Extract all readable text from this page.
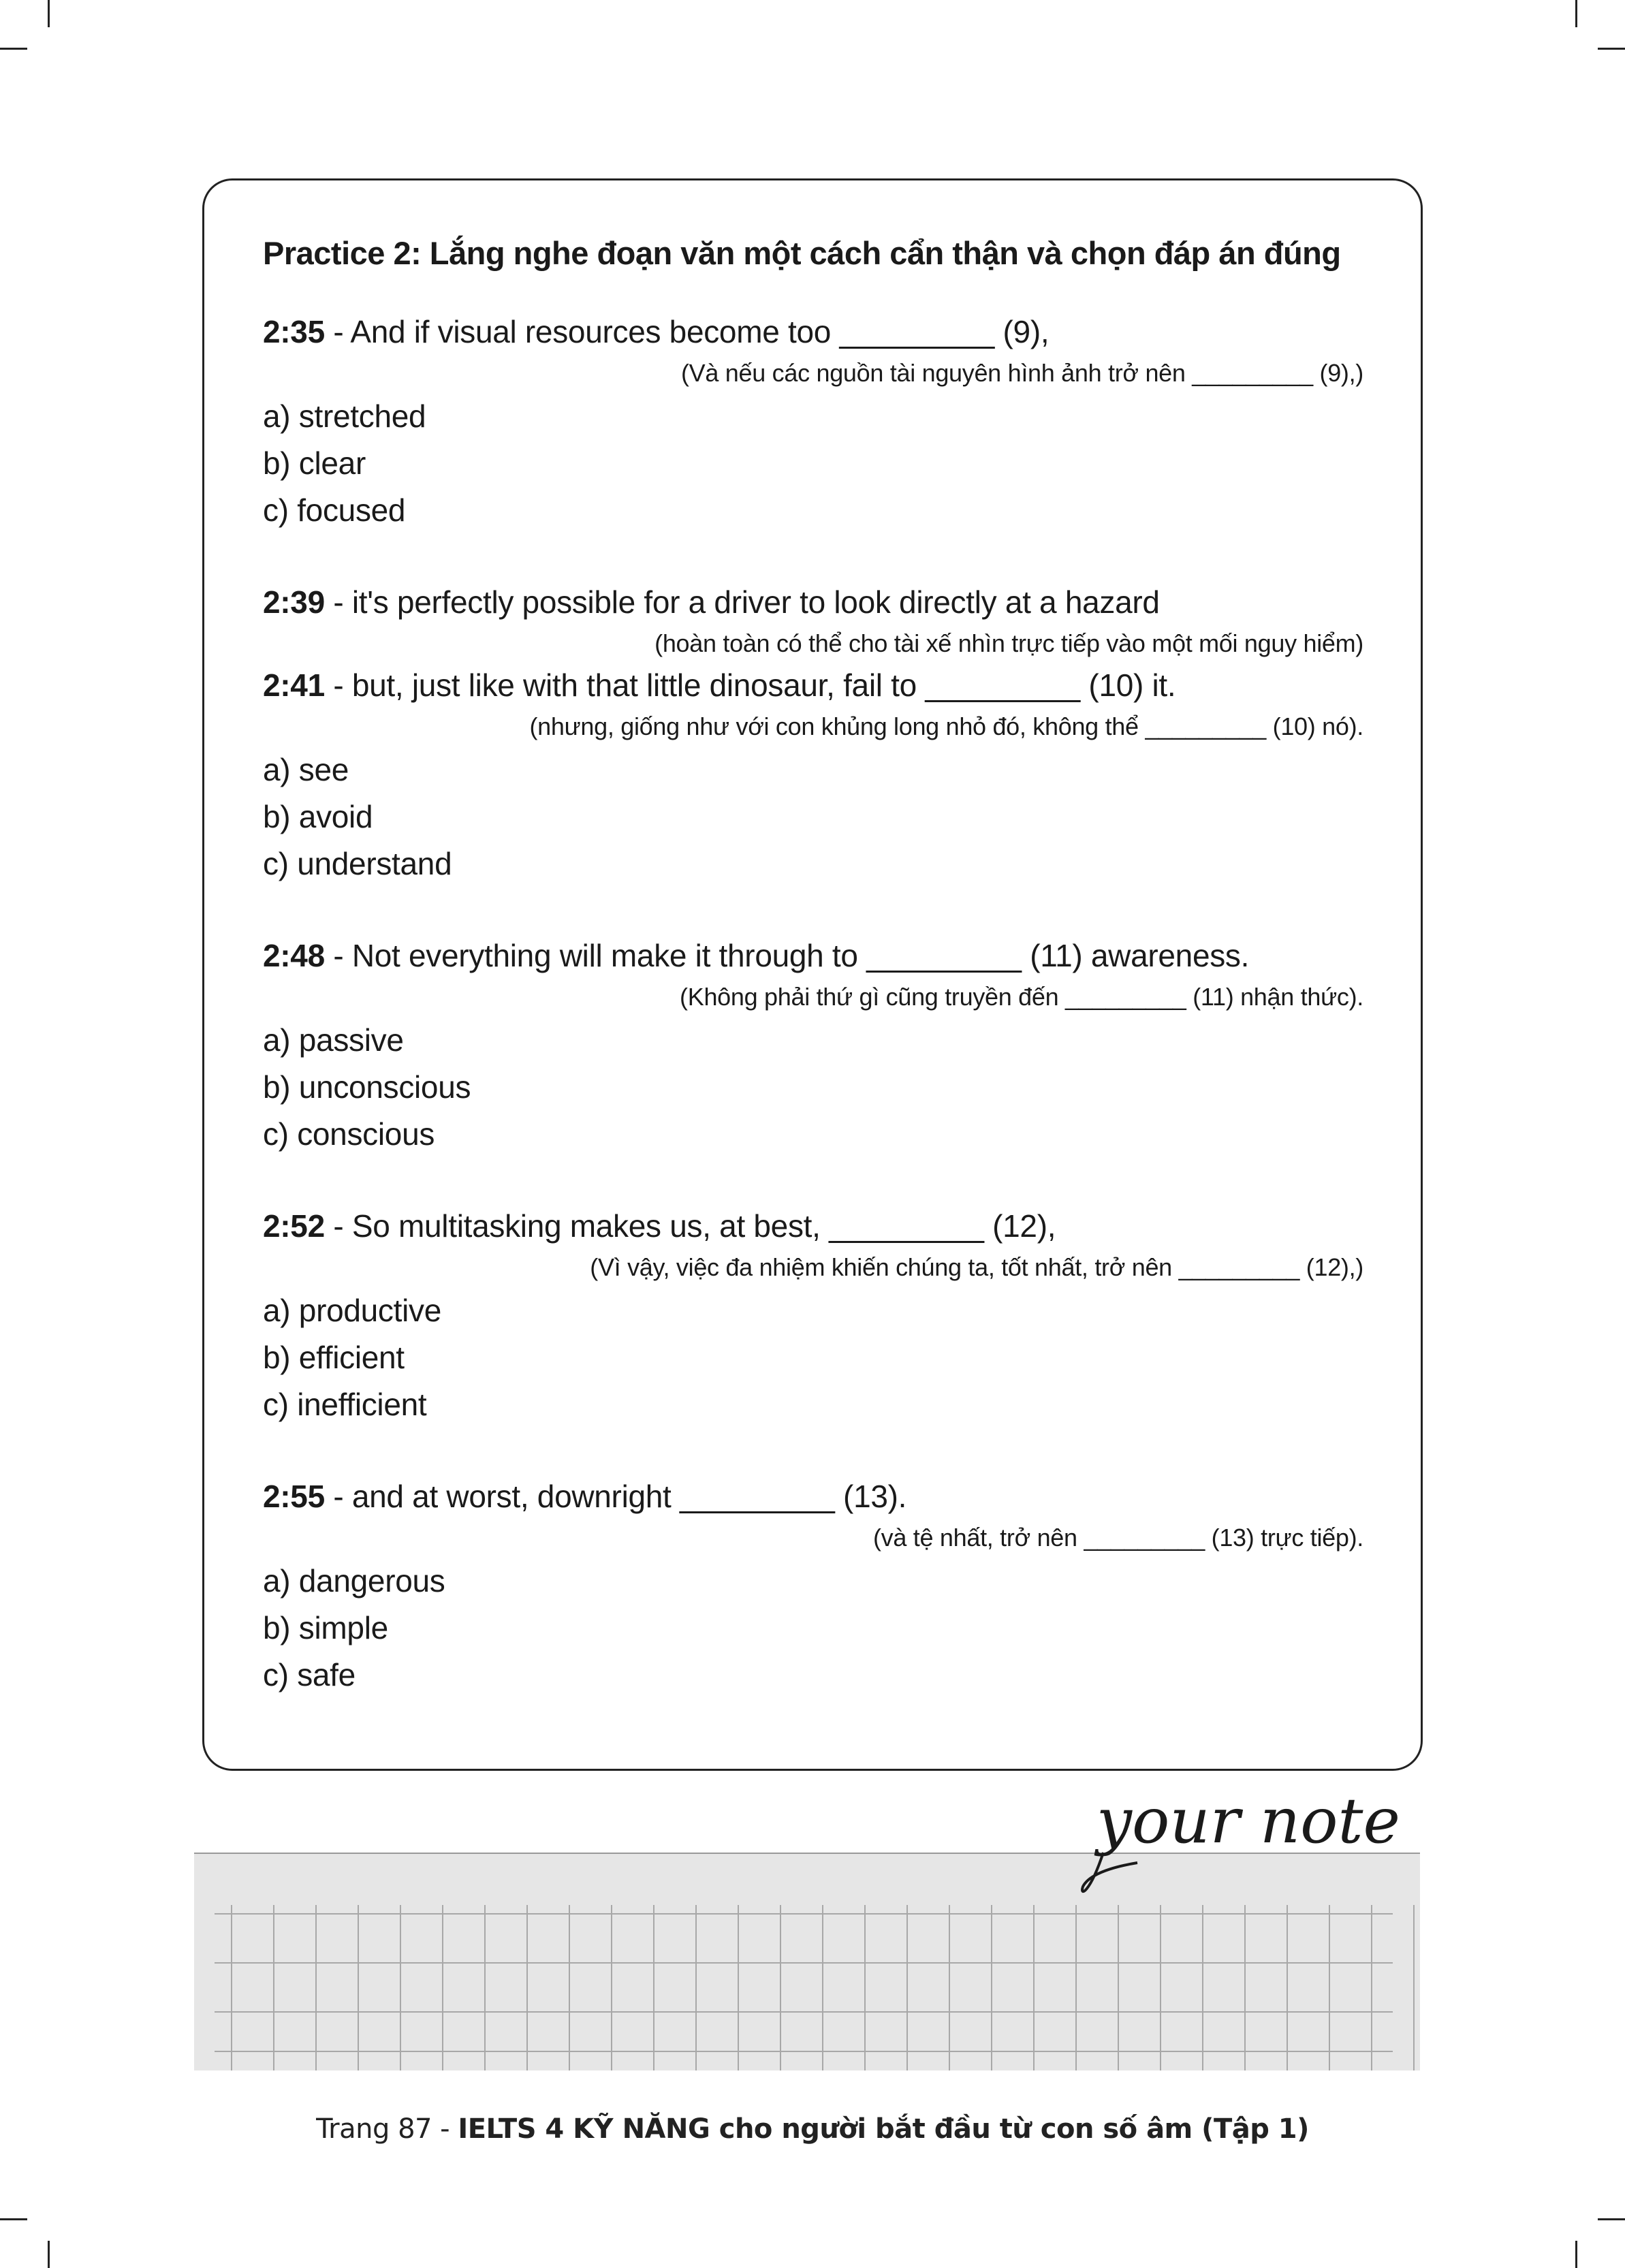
Practice 2: Lắng nghe đoạn văn một cách cẩn thận và chọn đáp án đúng
2:35 - And if visual resources become too _________ (9),
(Và nếu các nguồn tài nguyên hình ảnh trở nên _________ (9),)
a) stretched
b) clear
c) focused
2:39 - it's perfectly possible for a driver to look directly at a hazard
(hoàn toàn có thể cho tài xế nhìn trực tiếp vào một mối nguy hiểm)
2:41 - but, just like with that little dinosaur, fail to _________ (10) it.
(nhưng, giống như với con khủng long nhỏ đó, không thể _________ (10) nó).
a) see
b) avoid
c) understand
2:48 - Not everything will make it through to _________ (11) awareness.
(Không phải thứ gì cũng truyền đến _________ (11) nhận thức).
a) passive
b) unconscious
c) conscious
2:52 - So multitasking makes us, at best, _________ (12),
(Vì vậy, việc đa nhiệm khiến chúng ta, tốt nhất, trở nên _________ (12),)
a) productive
b) efficient
c) inefficient
2:55 - and at worst, downright _________ (13).
(và tệ nhất, trở nên _________ (13) trực tiếp).
a) dangerous
b) simple
c) safe
your note
Trang 87 - IELTS 4 KỸ NĂNG cho người bắt đầu từ con số âm (Tập 1)
